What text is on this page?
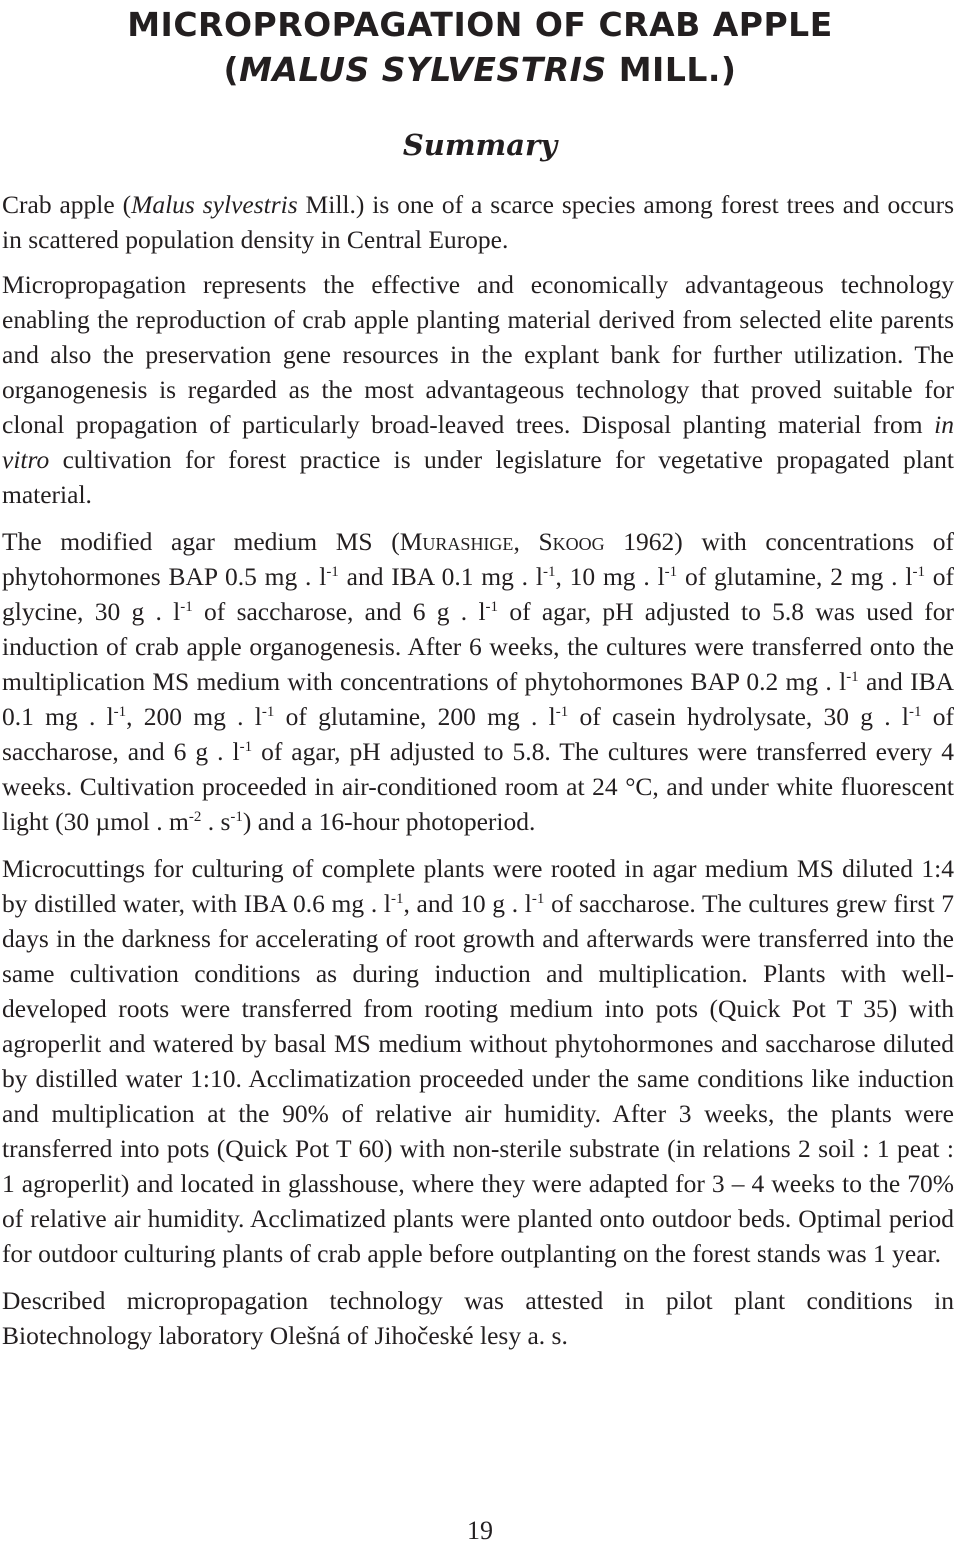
MICROPROPAGATION OF CRAB APPLE
(MALUS SYLVESTRIS MILL.)
Summary

Crab apple (Malus sylvestris Mill.) is one of a scarce species among forest trees and occurs in scattered population density in Central Europe.

Micropropagation represents the effective and economically advantageous technology enabling the reproduction of crab apple planting material derived from selected elite parents and also the preservation gene resources in the explant bank for further utilization. The organogenesis is regarded as the most advantageous technology that proved suitable for clonal propagation of particularly broad-leaved trees. Disposal planting material from in vitro cultivation for forest practice is under legislature for vegetative propagated plant material.

The modified agar medium MS (Murashige, Skoog 1962) with concentrations of phytohormones BAP 0.5 mg . $l^{-1}$ and IBA 0.1 mg . $l^{-1}$, 10 mg . $l^{-1}$ of glutamine, 2 mg . $l^{-1}$ of glycine, 30 g . $l^{-1}$ of saccharose, and 6 g . $l^{-1}$ of agar, pH adjusted to 5.8 was used for induction of crab apple organogenesis. After 6 weeks, the cultures were transferred onto the multiplication MS medium with concentrations of phytohormones BAP 0.2 mg . $l^{-1}$ and IBA 0.1 mg . $l^{-1}$, 200 mg . $l^{-1}$ of glutamine, 200 mg . $l^{-1}$ of casein hydrolysate, 30 g . $l^{-1}$ of saccharose, and 6 g . $l^{-1}$ of agar, pH adjusted to 5.8. The cultures were transferred every 4 weeks. Cultivation proceeded in air-conditioned room at 24 °C, and under white fluorescent light (30 µmol . $m^{-2}$ . $s^{-1}$) and a 16-hour photoperiod.

Microcuttings for culturing of complete plants were rooted in agar medium MS diluted 1:4 by distilled water, with IBA 0.6 mg . $l^{-1}$, and 10 g . $l^{-1}$ of saccharose. The cultures grew first 7 days in the darkness for accelerating of root growth and afterwards were transferred into the same cultivation conditions as during induction and multiplication. Plants with well-developed roots were transferred from rooting medium into pots (Quick Pot T 35) with agroperlit and watered by basal MS medium without phytohormones and saccharose diluted by distilled water 1:10. Acclimatization proceeded under the same conditions like induction and multiplication at the 90% of relative air humidity. After 3 weeks, the plants were transferred into pots (Quick Pot T 60) with non-sterile substrate (in relations 2 soil : 1 peat : 1 agroperlit) and located in glasshouse, where they were adapted for 3 – 4 weeks to the 70% of relative air humidity. Acclimatized plants were planted onto outdoor beds. Optimal period for outdoor culturing plants of crab apple before outplanting on the forest stands was 1 year.

Described micropropagation technology was attested in pilot plant conditions in Biotechnology laboratory Olešná of Jihočeské lesy a. s.

19
